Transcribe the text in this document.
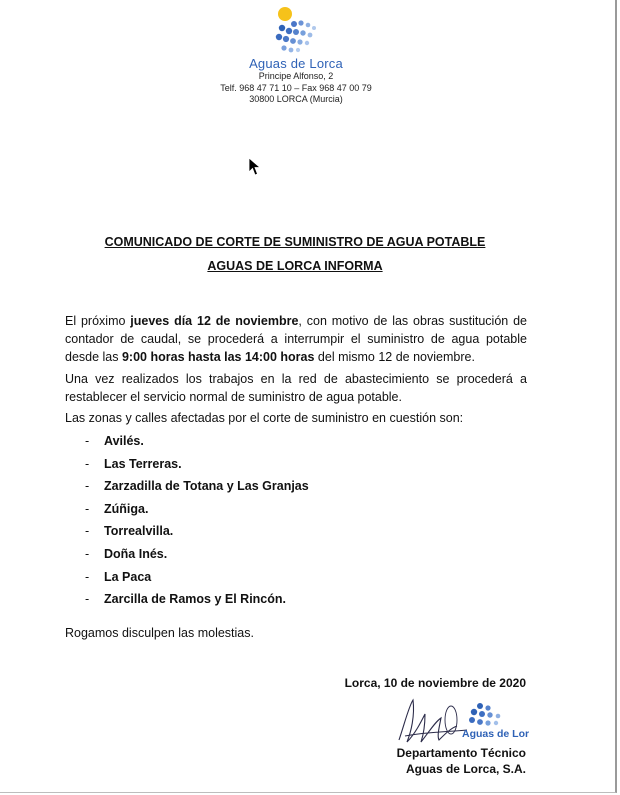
Aguas de Lorca
Principe Alfonso, 2
Telf. 968 47 71 10 – Fax 968 47 00 79
30800 LORCA (Murcia)
COMUNICADO DE CORTE DE SUMINISTRO DE AGUA POTABLE
AGUAS DE LORCA INFORMA

El próximo jueves día 12 de noviembre, con motivo de las obras sustitución de contador de caudal, se procederá a interrumpir el suministro de agua potable desde las 9:00 horas hasta las 14:00 horas del mismo 12 de noviembre.

Una vez realizados los trabajos en la red de abastecimiento se procederá a restablecer el servicio normal de suministro de agua potable.

Las zonas y calles afectadas por el corte de suministro en cuestión son:

- Avilés.
- Las Terreras.
- Zarzadilla de Totana y Las Granjas
- Zúñiga.
- Torrealvilla.
- Doña Inés.
- La Paca
- Zarcilla de Ramos y El Rincón.
Rogamos disculpen las molestias.
Lorca, 10 de noviembre de 2020
Aguas de Lor
Departamento Técnico
Aguas de Lorca, S.A.
